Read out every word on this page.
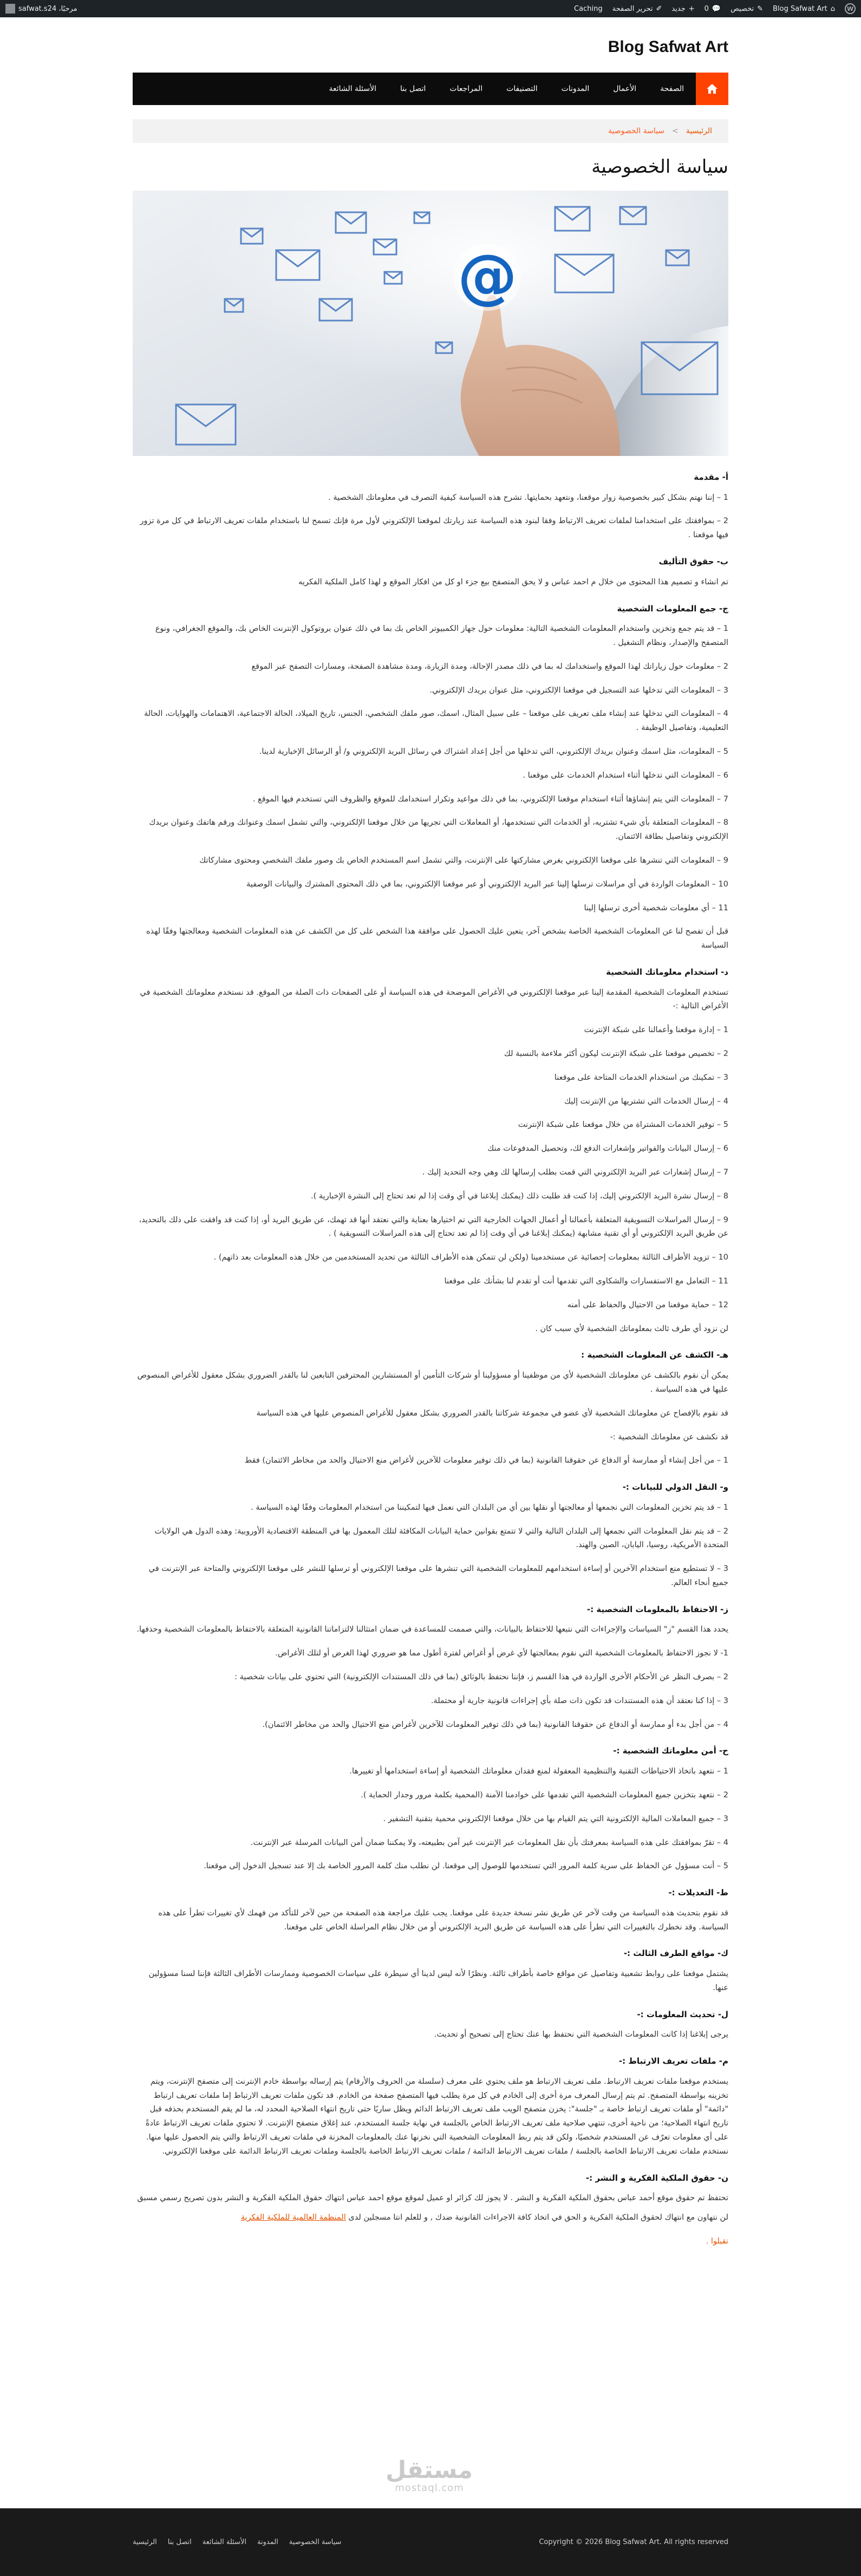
W
⌂
Blog Safwat Art
✎
تخصيص
💬
0
+
جديد
✐
تحرير الصفحة
Caching
مرحبًا، safwat.s24
Blog Safwat Art
الصفحة
الأعمال
المدونات
التصنيفات
المراجعات
اتصل بنا
الأسئلة الشائعة
الرئيسية
>
سياسة الخصوصية
سياسة الخصوصية
@
أ- مقدمة

1 – إننا نهتم بشكل كبير بخصوصية زوار موقعنا، ونتعهد بحمايتها. تشرح هذه السياسة كيفية التصرف في معلوماتك الشخصية .

2 – بموافقتك على استخدامنا لملفات تعريف الارتباط وفقا لبنود هذه السياسة عند زيارتك لموقعنا الإلكتروني لأول مرة فإنك تسمح لنا باستخدام ملفات تعريف الارتباط في كل مرة تزور فيها موقعنا .

ب- حقوق التأليف

تم انشاء و تصميم هذا المحتوى من خلال م احمد عباس و لا يحق المتصفح بيع جزء او كل من افكار الموقع و لهذا كامل الملكية الفكريه

ج- جمع المعلومات الشخصية

1 – قد يتم جمع وتخزين واستخدام المعلومات الشخصية التالية: معلومات حول جهاز الكمبيوتر الخاص بك بما في ذلك عنوان بروتوكول الإنترنت الخاص بك، والموقع الجغرافي، ونوع المتصفح والإصدار، ونظام التشغيل .

2 – معلومات حول زياراتك لهذا الموقع واستخدامك له بما في ذلك مصدر الإحالة، ومدة الزيارة، ومدة مشاهدة الصفحة، ومسارات التصفح عبر الموقع

3 – المعلومات التي تدخلها عند التسجيل في موقعنا الإلكتروني، مثل عنوان بريدك الإلكتروني.

4 – المعلومات التي تدخلها عند إنشاء ملف تعريف على موقعنا – على سبيل المثال، اسمك، صور ملفك الشخصي، الجنس، تاريخ الميلاد، الحالة الاجتماعية، الاهتمامات والهوايات، الحالة التعليمية، وتفاصيل الوظيفة .

5 – المعلومات، مثل اسمك وعنوان بريدك الإلكتروني، التي تدخلها من أجل إعداد اشتراك في رسائل البريد الإلكتروني و/ أو الرسائل الإخبارية لدينا.

6 – المعلومات التي تدخلها أثناء استخدام الخدمات على موقعنا .

7 – المعلومات التي يتم إنشاؤها أثناء استخدام موقعنا الإلكتروني، بما في ذلك مواعيد وتكرار استخدامك للموقع والظروف التي تستخدم فيها الموقع .

8 – المعلومات المتعلقة بأي شيء تشتريه، أو الخدمات التي تستخدمها، أو المعاملات التي تجريها من خلال موقعنا الإلكتروني، والتي تشمل اسمك وعنوانك ورقم هاتفك وعنوان بريدك الإلكتروني وتفاصيل بطاقة الائتمان.

9 – المعلومات التي تنشرها على موقعنا الإلكتروني بغرض مشاركتها على الإنترنت، والتي تشمل اسم المستخدم الخاص بك وصور ملفك الشخصي ومحتوى مشاركاتك

10 – المعلومات الواردة في أي مراسلات ترسلها إلينا عبر البريد الإلكتروني أو عبر موقعنا الإلكتروني، بما في ذلك المحتوى المشترك والبيانات الوصفية

11 – أي معلومات شخصية أخرى ترسلها إلينا

قبل أن تفصح لنا عن المعلومات الشخصية الخاصة بشخص آخر، يتعين عليك الحصول على موافقة هذا الشخص على كل من الكشف عن هذه المعلومات الشخصية ومعالجتها وفقًا لهذه السياسة

د- استخدام معلوماتك الشخصية

تستخدم المعلومات الشخصية المقدمة إلينا عبر موقعنا الإلكتروني في الأغراض الموضحة في هذه السياسة أو على الصفحات ذات الصلة من الموقع. قد نستخدم معلوماتك الشخصية في الأغراض التالية :-

1 – إدارة موقعنا وأعمالنا على شبكة الإنترنت

2 – تخصيص موقعنا على شبكة الإنترنت ليكون أكثر ملاءمة بالنسبة لك

3 – تمكينك من استخدام الخدمات المتاحة على موقعنا

4 – إرسال الخدمات التي تشتريها من الإنترنت إليك

5 – توفير الخدمات المشتراة من خلال موقعنا على شبكة الإنترنت

6 – إرسال البيانات والفواتير وإشعارات الدفع لك، وتحصيل المدفوعات منك

7 – إرسال إشعارات عبر البريد الإلكتروني التي قمت بطلب إرسالها لك وهي وجه التحديد إليك .

8 – إرسال نشرة البريد الإلكتروني إليك، إذا كنت قد طلبت ذلك (يمكنك إبلاغنا في أي وقت إذا لم تعد تحتاج إلى النشرة الإخبارية ).

9 – إرسال المراسلات التسويقية المتعلقة بأعمالنا أو أعمال الجهات الخارجية التي تم اختيارها بعناية والتي نعتقد أنها قد تهمك، عن طريق البريد أو، إذا كنت قد وافقت على ذلك بالتحديد، عن طريق البريد الإلكتروني أو أي تقنية مشابهة (يمكنك إبلاغنا في أي وقت إذا لم تعد تحتاج إلى هذه المراسلات التسويقية ) .

10 – تزويد الأطراف الثالثة بمعلومات إحصائية عن مستخدمينا (ولكن لن تتمكن هذه الأطراف الثالثة من تحديد المستخدمين من خلال هذه المعلومات بعد ذاتهم) .

11 – التعامل مع الاستفسارات والشكاوى التي تقدمها أنت أو تقدم لنا بشأنك على موقعنا

12 – حماية موقعنا من الاحتيال والحفاظ على أمنه

لن نزود أي طرف ثالث بمعلوماتك الشخصية لأي سبب كان .

هـ- الكشف عن المعلومات الشخصية :

يمكن أن نقوم بالكشف عن معلوماتك الشخصية لأي من موظفينا أو مسؤولينا أو شركات التأمين أو المستشارين المحترفين التابعين لنا بالقدر الضروري بشكل معقول للأغراض المنصوص عليها في هذه السياسة .

قد نقوم بالإفصاح عن معلوماتك الشخصية لأي عضو في مجموعة شركاتنا بالقدر الضروري بشكل معقول للأغراض المنصوص عليها في هذه السياسة

قد نكشف عن معلوماتك الشخصية :-

1 – من أجل إنشاء أو ممارسة أو الدفاع عن حقوقنا القانونية (بما في ذلك توفير معلومات للآخرين لأغراض منع الاحتيال والحد من مخاطر الائتمان) فقط

و- النقل الدولي للبيانات :-

1 – قد يتم تخزين المعلومات التي نجمعها أو معالجتها أو نقلها بين أي من البلدان التي نعمل فيها لتمكيننا من استخدام المعلومات وفقًا لهذه السياسة .

2 – قد يتم نقل المعلومات التي نجمعها إلى البلدان التالية والتي لا تتمتع بقوانين حماية البيانات المكافئة لتلك المعمول بها في المنطقة الاقتصادية الأوروبية: وهذه الدول هي الولايات المتحدة الأمريكية، روسيا، اليابان، الصين والهند.

3 – لا تستطيع منع استخدام الآخرين أو إساءة استخدامهم للمعلومات الشخصية التي تنشرها على موقعنا الإلكتروني أو ترسلها للنشر على موقعنا الإلكتروني والمتاحة عبر الإنترنت في جميع أنحاء العالم.

ز- الاحتفاظ بالمعلومات الشخصية :-

يحدد هذا القسم "ز" السياسات والإجراءات التي نتبعها للاحتفاظ بالبيانات، والتي صممت للمساعدة في ضمان امتثالنا لالتزاماتنا القانونية المتعلقة بالاحتفاظ بالمعلومات الشخصية وحذفها.

1- لا نجوز الاحتفاظ بالمعلومات الشخصية التي نقوم بمعالجتها لأي غرض أو أغراض لفترة أطول مما هو ضروري لهذا الغرض أو لتلك الأغراض.

2 – بصرف النظر عن الأحكام الأخرى الواردة في هذا القسم ز، فإننا نحتفظ بالوثائق (بما في ذلك المستندات الإلكترونية) التي تحتوي على بيانات شخصية :

3 – إذا كنا نعتقد أن هذه المستندات قد تكون ذات صلة بأي إجراءات قانونية جارية أو محتملة.

4 – من أجل بدء أو ممارسة أو الدفاع عن حقوقنا القانونية (بما في ذلك توفير المعلومات للآخرين لأغراض منع الاحتيال والحد من مخاطر الائتمان).

ح- أمن معلوماتك الشخصية :-

1 – نتعهد باتخاذ الاحتياطات التقنية والتنظيمية المعقولة لمنع فقدان معلوماتك الشخصية أو إساءة استخدامها أو تغييرها.

2 – نتعهد بتخزين جميع المعلومات الشخصية التي تقدمها على خوادمنا الآمنة (المحمية بكلمة مرور وجدار الحماية ).

3 – جميع المعاملات المالية الإلكترونية التي يتم القيام بها من خلال موقعنا الإلكتروني محمية بتقنية التشفير .

4 – تقرّ بموافقتك على هذه السياسة بمعرفتك بأن نقل المعلومات عبر الإنترنت غير آمن بطبيعته، ولا يمكننا ضمان أمن البيانات المرسلة عبر الإنترنت.

5 – أنت مسؤول عن الحفاظ على سرية كلمة المرور التي تستخدمها للوصول إلى موقعنا. لن نطلب منك كلمة المرور الخاصة بك إلا عند تسجيل الدخول إلى موقعنا.

ط- التعديلات :-

قد نقوم بتحديث هذه السياسة من وقت لآخر عن طريق نشر نسخة جديدة على موقعنا. يجب عليك مراجعة هذه الصفحة من حين لآخر للتأكد من فهمك لأي تغييرات تطرأ على هذه السياسة. وقد نخطرك بالتغييرات التي تطرأ على هذه السياسة عن طريق البريد الإلكتروني أو من خلال نظام المراسلة الخاص على موقعنا.

ك- مواقع الطرف الثالث :-

يشتمل موقعنا على روابط تشعبية وتفاصيل عن مواقع خاصة بأطراف ثالثة. ونظرًا لأنه ليس لدينا أي سيطرة على سياسات الخصوصية وممارسات الأطراف الثالثة فإننا لسنا مسؤولين عنها.

ل- تحديث المعلومات :-

يرجى إبلاغنا إذا كانت المعلومات الشخصية التي نحتفظ بها عنك تحتاج إلى تصحيح أو تحديث.

م- ملفات تعريف الارتباط :-

يستخدم موقعنا ملفات تعريف الارتباط. ملف تعريف الارتباط هو ملف يحتوي على معرف (سلسلة من الحروف والأرقام) يتم إرساله بواسطة خادم الإنترنت إلى متصفح الإنترنت، ويتم تخزينه بواسطة المتصفح. ثم يتم إرسال المعرف مرة أخرى إلى الخادم في كل مرة يطلب فيها المتصفح صفحة من الخادم. قد تكون ملفات تعريف الارتباط إما ملفات تعريف ارتباط "دائمة" أو ملفات تعريف ارتباط خاصة بـ "جلسة": يخزن متصفح الويب ملف تعريف الارتباط الدائم ويظل ساريًا حتى تاريخ انتهاء الصلاحية المحدد له، ما لم يقم المستخدم بحذفه قبل تاريخ انتهاء الصلاحية؛ من ناحية أخرى، تنتهي صلاحية ملف تعريف الارتباط الخاص بالجلسة في نهاية جلسة المستخدم، عند إغلاق متصفح الإنترنت. لا تحتوي ملفات تعريف الارتباط عادةً على أي معلومات تعرّف عن المستخدم شخصيًا، ولكن قد يتم ربط المعلومات الشخصية التي نخزنها عنك بالمعلومات المخزنة في ملفات تعريف الارتباط والتي يتم الحصول عليها منها. نستخدم ملفات تعريف الارتباط الخاصة بالجلسة / ملفات تعريف الارتباط الدائمة / ملفات تعريف الارتباط الخاصة بالجلسة وملفات تعريف الارتباط الدائمة على موقعنا الإلكتروني.

ن- حقوق الملكية الفكرية و النشر :-

تحتفظ تم حقوق موقع أحمد عباس بحقوق الملكية الفكرية و النشر . لا يجوز لك كزائر او عميل لموقع موقع احمد عباس انتهاك حقوق الملكية الفكرية و النشر بدون تصريح رسمي مسبق

لن نتهاون مع انتهاك لحقوق الملكية الفكرية و الحق في اتخاذ كافة الاجراءات القانونية ضدك , و للعلم انتا مسجلين لدى المنظمة العالمية للملكية الفكرية

تقبلوا .

مستقل
mostaql.com
Copyright © 2026 Blog Safwat Art. All rights reserved
سياسة الخصوصية
المدونة
الأسئلة الشائعة
اتصل بنا
الرئيسية
